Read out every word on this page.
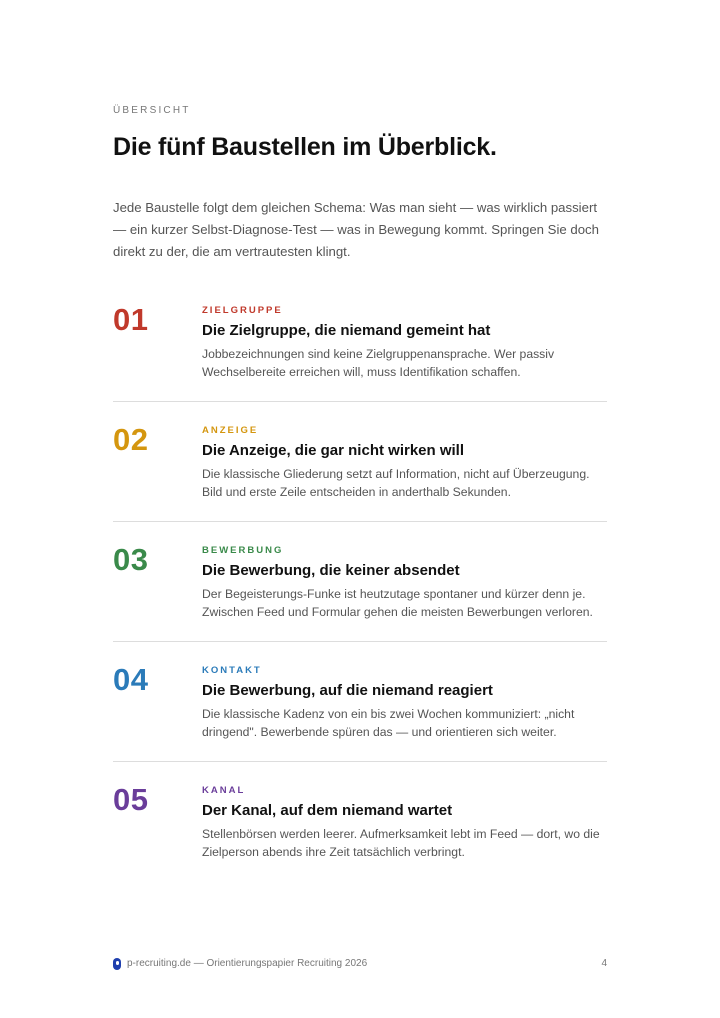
ÜBERSICHT
Die fünf Baustellen im Überblick.

Jede Baustelle folgt dem gleichen Schema: Was man sieht — was wirklich passiert — ein kurzer Selbst-Diagnose-Test — was in Bewegung kommt. Springen Sie doch direkt zu der, die am vertrautesten klingt.

01	ZIELGRUPPE
Die Zielgruppe, die niemand gemeint hat

Jobbezeichnungen sind keine Zielgruppenansprache. Wer passiv Wechselbereite erreichen will, muss Identifikation schaffen.

02	ANZEIGE
Die Anzeige, die gar nicht wirken will

Die klassische Gliederung setzt auf Information, nicht auf Überzeugung. Bild und erste Zeile entscheiden in anderthalb Sekunden.

03	BEWERBUNG
Die Bewerbung, die keiner absendet

Der Begeisterungs-Funke ist heutzutage spontaner und kürzer denn je. Zwischen Feed und Formular gehen die meisten Bewerbungen verloren.

04	KONTAKT
Die Bewerbung, auf die niemand reagiert

Die klassische Kadenz von ein bis zwei Wochen kommuniziert: „nicht dringend". Bewerbende spüren das — und orientieren sich weiter.

05	KANAL
Der Kanal, auf dem niemand wartet

Stellenbörsen werden leerer. Aufmerksamkeit lebt im Feed — dort, wo die Zielperson abends ihre Zeit tatsächlich verbringt.

p-recruiting.de — Orientierungspapier Recruiting 2026	4
